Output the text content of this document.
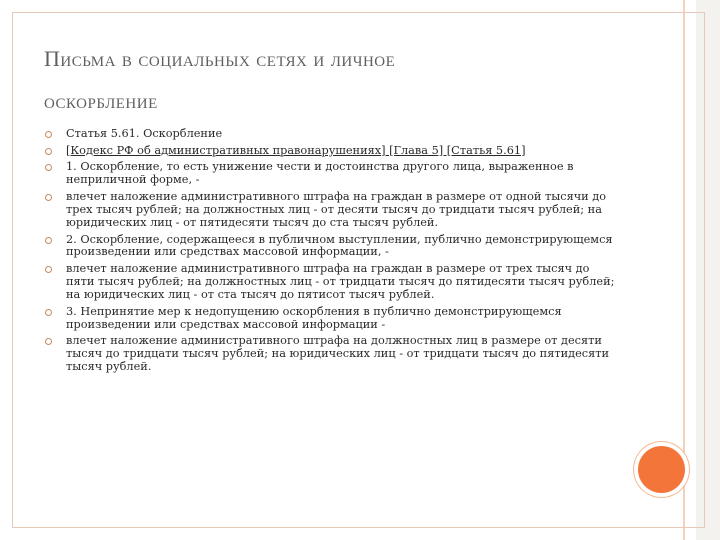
Письма в социальных сетях и личное
оскорбление
Статья 5.61. Оскорбление
[Кодекс РФ об административных правонарушениях] [Глава 5] [Статья 5.61]
1. Оскорбление, то есть унижение чести и достоинства другого лица, выраженное в неприличной форме, -
влечет наложение административного штрафа на граждан в размере от одной тысячи до трех тысяч рублей; на должностных лиц - от десяти тысяч до тридцати тысяч рублей; на юридических лиц - от пятидесяти тысяч до ста тысяч рублей.
2. Оскорбление, содержащееся в публичном выступлении, публично демонстрирующемся произведении или средствах массовой информации, -
влечет наложение административного штрафа на граждан в размере от трех тысяч до пяти тысяч рублей; на должностных лиц - от тридцати тысяч до пятидесяти тысяч рублей; на юридических лиц - от ста тысяч до пятисот тысяч рублей.
3. Непринятие мер к недопущению оскорбления в публично демонстрирующемся произведении или средствах массовой информации -
влечет наложение административного штрафа на должностных лиц в размере от десяти тысяч до тридцати тысяч рублей; на юридических лиц - от тридцати тысяч до пятидесяти тысяч рублей.
